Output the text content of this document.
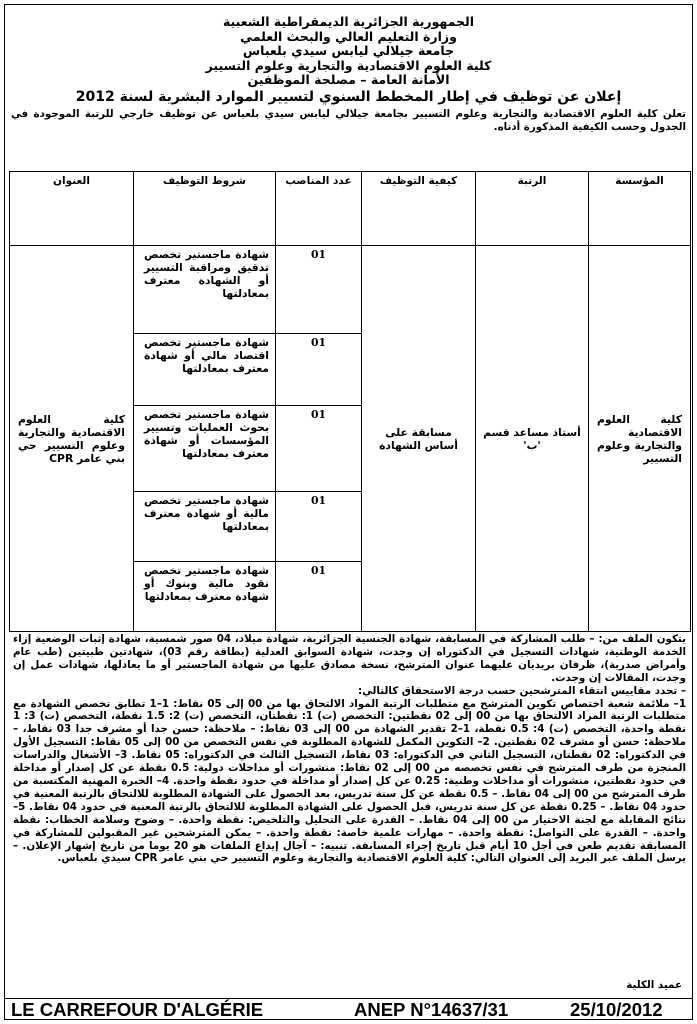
الجمهورية الجزائرية الديمقراطية الشعبية
وزارة التعليم العالي والبحث العلمي
جامعة جيلالي ليابس سيدي بلعباس
كلية العلوم الاقتصادية والتجارية وعلوم التسيير
الأمانة العامة – مصلحة الموظفين
إعلان عن توظيف في إطار المخطط السنوي لتسيير الموارد البشرية لسنة 2012
تعلن كلية العلوم الاقتصادية والتجارية وعلوم التسيير بجامعة جيلالي ليابس سيدي بلعباس عن توظيف خارجي للرتبة الموجودة في الجدول وحسب الكيفية المذكورة أدناه.
المؤسسة	الرتبة	كيفية التوظيف	عدد المناصب	شروط التوظيف	العنوان
كلية العلوم الاقتصادية والتجارية وعلوم التسيير	أستاذ مساعد قسم 'ب'	مسابقة على أساس الشهادة	01	شهادة ماجستير تخصص تدقيق ومراقبة التسيير أو الشهادة معترف بمعادلتها	كلية العلوم الاقتصادية والتجارية وعلوم التسيير حي بني عامر CPR
			01	شهادة ماجستير تخصص اقتصاد مالي أو شهادة معترف بمعادلتها	
			01	شهادة ماجستير تخصص بحوث العمليات وتسيير المؤسسات أو شهادة معترف بمعادلتها	
			01	شهادة ماجستير تخصص مالية أو شهادة معترف بمعادلتها	
			01	شهادة ماجستير تخصص نقود مالية وبنوك أو شهادة معترف بمعادلتها	

يتكون الملف من: – طلب المشاركة في المسابقة، شهادة الجنسية الجزائرية، شهادة ميلاد، 04 صور شمسية، شهادة إثبات الوضعية إزاء الخدمة الوطنية، شهادات التسجيل في الدكتوراه إن وجدت، شهادة السوابق العدلية (بطاقة رقم 03)، شهادتين طبيتين (طب عام وأمراض صدرية)، ظرفان بريديان عليهما عنوان المترشح، نسخة مصادق عليها من شهادة الماجستير أو ما يعادلها، شهادات عمل إن وجدت، المقالات إن وجدت.

– تحدد مقاييس انتقاء المترشحين حسب درجة الاستحقاق كالتالي:

1– ملائمة شعبة اختصاص تكوين المترشح مع متطلبات الرتبة المواد الالتحاق بها من 00 إلى 05 نقاط: 1–1 تطابق تخصص الشهادة مع متطلبات الرتبة المراد الالتحاق بها من 00 إلى 02 نقطتين: التخصص (ت) 1: نقطتان، التخصص (ت) 2: 1.5 نقطة، التخصص (ت) 3: 1 نقطة واحدة، التخصص (ت) 4: 0.5 نقطة، 1–2 تقدير الشهادة من 00 إلى 03 نقاط: – ملاحظة: حسن جدا أو مشرف جدا 03 نقاط، – ملاحظة: حسن أو مشرف 02 نقطتين. 2– التكوين المكمل للشهادة المطلوبة في نفس التخصص من 00 إلى 05 نقاط: التسجيل الأول في الدكتوراه: 02 نقطتان، التسجيل الثاني في الدكتوراه: 03 نقاط، التسجيل الثالث في الدكتوراه: 05 نقاط. 3– الأشغال والدراسات المنجزة من طرف المترشح في نفس تخصصه من 00 إلى 02 نقاط: منشورات أو مداخلات دولية: 0.5 نقطة عن كل إصدار أو مداخلة في حدود نقطتين، منشورات أو مداخلات وطنية: 0.25 عن كل إصدار أو مداخلة في حدود نقطة واحدة. 4– الخبرة المهنية المكتسبة من طرف المترشح من 00 إلى 04 نقاط. – 0.5 نقطة عن كل سنة تدريس، بعد الحصول على الشهادة المطلوبة للالتحاق بالرتبة المعنية في حدود 04 نقاط. – 0.25 نقطة عن كل سنة تدريس، قبل الحصول على الشهادة المطلوبة للالتحاق بالرتبة المعنية في حدود 04 نقاط. 5– نتائج المقابلة مع لجنة الاختيار من 00 إلى 04 نقاط. – القدرة على التحليل والتلخيص: نقطة واحدة. – وضوح وسلامة الخطاب: نقطة واحدة. – القدرة على التواصل: نقطة واحدة. – مهارات علمية خاصة: نقطة واحدة. – يمكن المترشحين غير المقبولين للمشاركة في المسابقة تقديم طعن في أجل 10 أيام قبل تاريخ إجراء المسابقة. تنبيه: – آجال إيداع الملفات هو 20 يوما من تاريخ إشهار الإعلان. – يرسل الملف عبر البريد إلى العنوان التالي: كلية العلوم الاقتصادية والتجارية وعلوم التسيير حي بني عامر CPR سيدي بلعباس.

عميد الكلية
LE CARREFOUR D'ALGÉRIE	ANEP N°14637/31	25/10/2012
